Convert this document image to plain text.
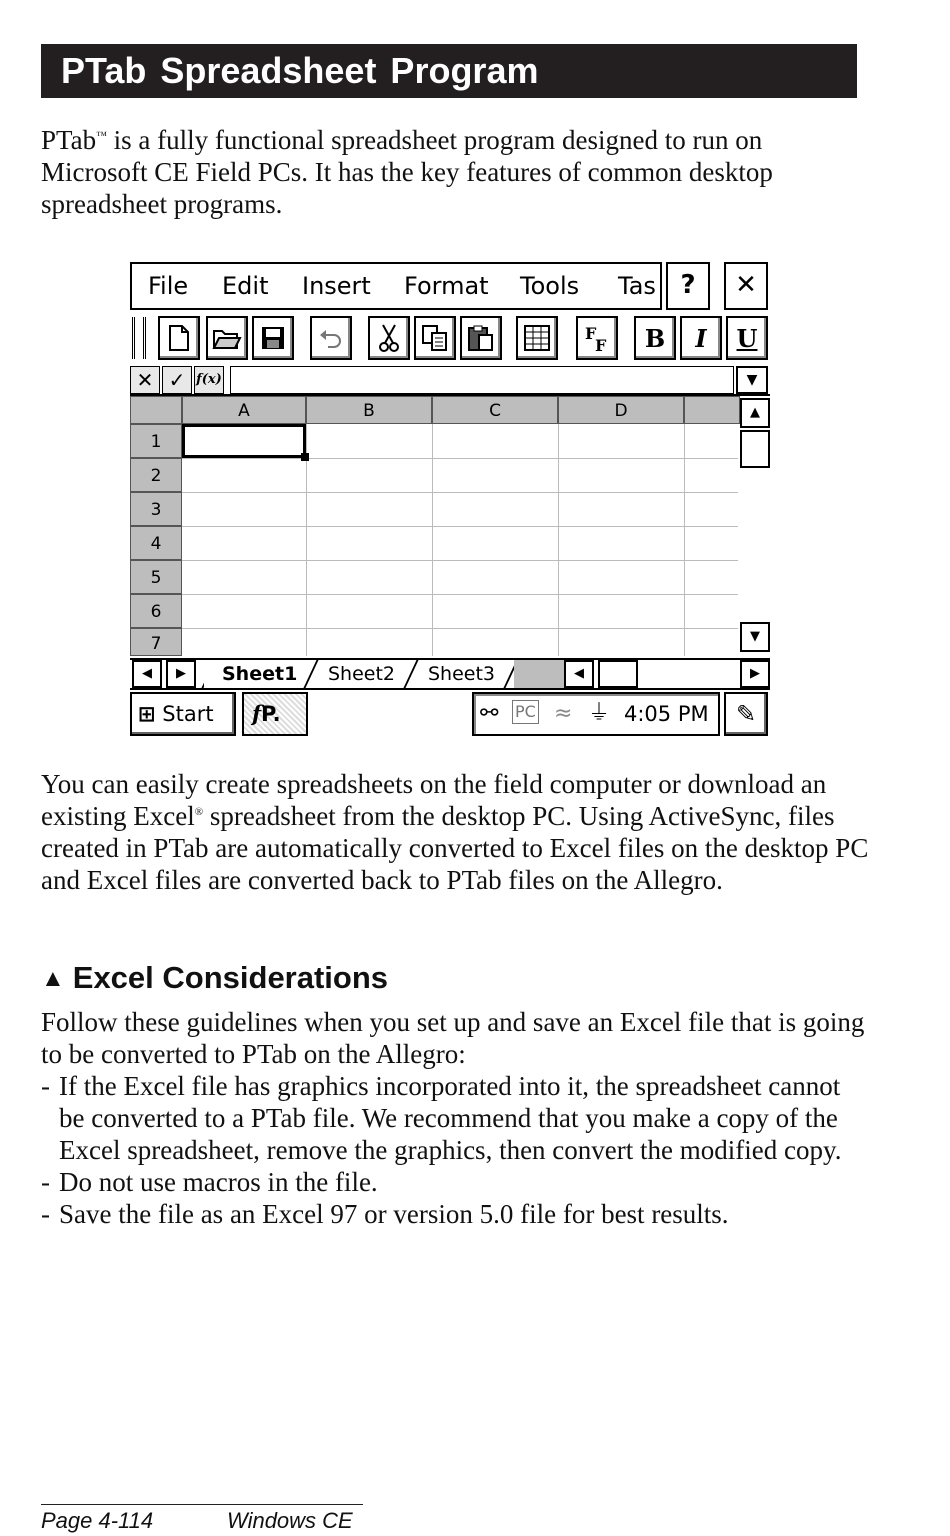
PTab Spreadsheet Program

PTab™ is a fully functional spreadsheet program designed to run on Microsoft CE Field PCs. It has the key features of common desktop spreadsheet programs.

File Edit Insert Format Tools Tas ?	✕
F
F B I U
✕ ✓ f(x)	▼
A	B	C	D
1
2
3
4
5
6
7
▲
▼
◀	▶	Sheet1	Sheet2	Sheet3	◀	▶
⊞ Start	fP.	⚯ PC ≈ ⏚ 4:05 PM	✎

You can easily create spreadsheets on the field computer or download an existing Excel® spreadsheet from the desktop PC. Using ActiveSync, files created in PTab are automatically converted to Excel files on the desktop PC and Excel files are converted back to PTab files on the Allegro.

▲ Excel Considerations

Follow these guidelines when you set up and save an Excel file that is going to be converted to PTab on the Allegro:

- If the Excel file has graphics incorporated into it, the spreadsheet cannot be converted to a PTab file. We recommend that you make a copy of the Excel spreadsheet, remove the graphics, then convert the modified copy.
- Do not use macros in the file.
- Save the file as an Excel 97 or version 5.0 file for best results.
Page 4-114	Windows CE
